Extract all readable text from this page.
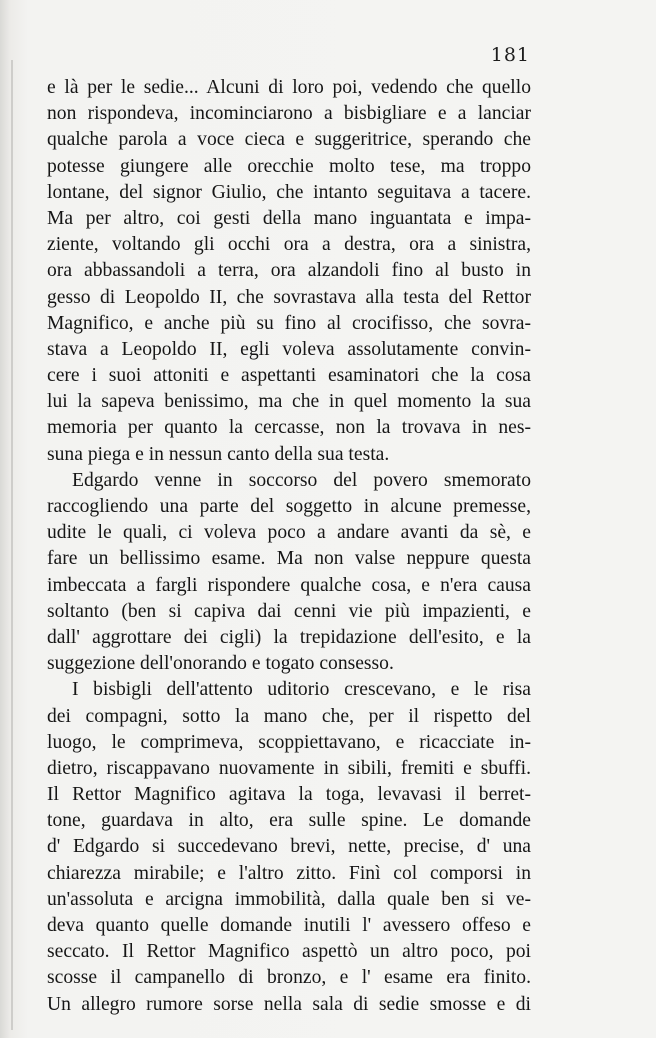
181
e là per le sedie... Alcuni di loro poi, vedendo che quello
non rispondeva, incominciarono a bisbigliare e a lanciar
qualche parola a voce cieca e suggeritrice, sperando che
potesse giungere alle orecchie molto tese, ma troppo
lontane, del signor Giulio, che intanto seguitava a tacere.
Ma per altro, coi gesti della mano inguantata e impa-
ziente, voltando gli occhi ora a destra, ora a sinistra,
ora abbassandoli a terra, ora alzandoli fino al busto in
gesso di Leopoldo II, che sovrastava alla testa del Rettor
Magnifico, e anche più su fino al crocifisso, che sovra-
stava a Leopoldo II, egli voleva assolutamente convin-
cere i suoi attoniti e aspettanti esaminatori che la cosa
lui la sapeva benissimo, ma che in quel momento la sua
memoria per quanto la cercasse, non la trovava in nes-
suna piega e in nessun canto della sua testa.
Edgardo venne in soccorso del povero smemorato
raccogliendo una parte del soggetto in alcune premesse,
udite le quali, ci voleva poco a andare avanti da sè, e
fare un bellissimo esame. Ma non valse neppure questa
imbeccata a fargli rispondere qualche cosa, e n'era causa
soltanto (ben si capiva dai cenni vie più impazienti, e
dall' aggrottare dei cigli) la trepidazione dell'esito, e la
suggezione dell'onorando e togato consesso.
I bisbigli dell'attento uditorio crescevano, e le risa
dei compagni, sotto la mano che, per il rispetto del
luogo, le comprimeva, scoppiettavano, e ricacciate in-
dietro, riscappavano nuovamente in sibili, fremiti e sbuffi.
Il Rettor Magnifico agitava la toga, levavasi il berret-
tone, guardava in alto, era sulle spine. Le domande
d' Edgardo si succedevano brevi, nette, precise, d' una
chiarezza mirabile; e l'altro zitto. Finì col comporsi in
un'assoluta e arcigna immobilità, dalla quale ben si ve-
deva quanto quelle domande inutili l' avessero offeso e
seccato. Il Rettor Magnifico aspettò un altro poco, poi
scosse il campanello di bronzo, e l' esame era finito.
Un allegro rumore sorse nella sala di sedie smosse e di
